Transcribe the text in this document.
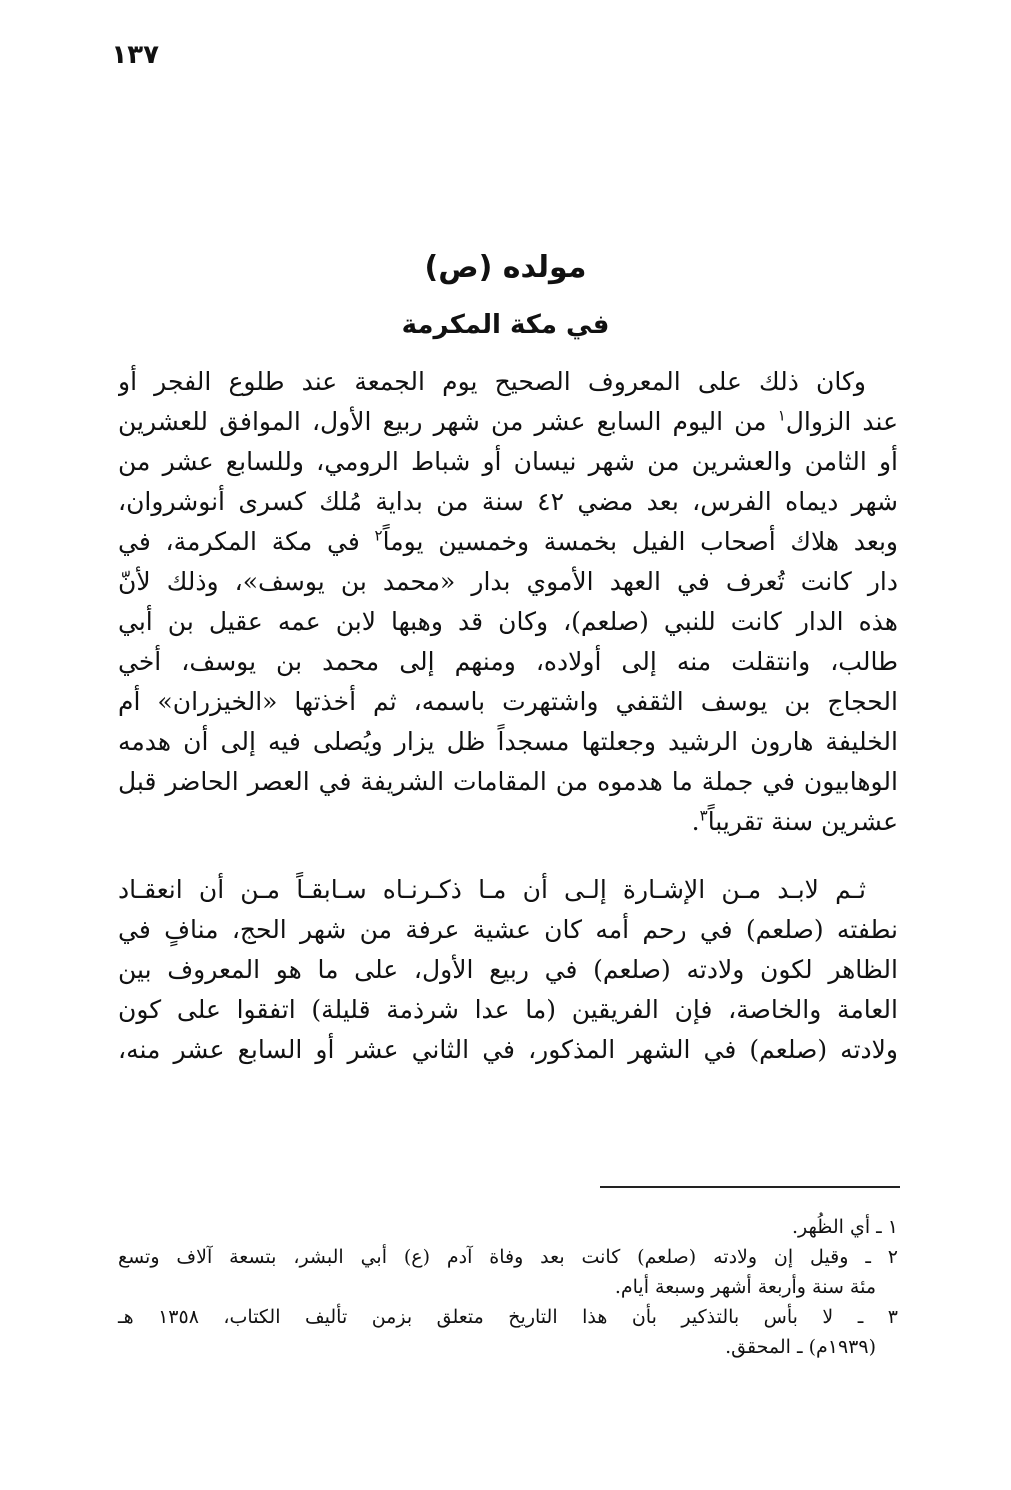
١٣٧
مولده (ص)
في مكة المكرمة
وكان ذلك على المعروف الصحيح يوم الجمعة عند طلوع الفجر أو
عند الزوال$^١$ من اليوم السابع عشر من شهر ربيع الأول، الموافق للعشرين
أو الثامن والعشرين من شهر نيسان أو شباط الرومي، وللسابع عشر من
شهر ديماه الفرس، بعد مضي ٤٢ سنة من بداية مُلك كسرى أنوشروان،
وبعد هلاك أصحاب الفيل بخمسة وخمسين يوماً$^٢$ في مكة المكرمة، في
دار كانت تُعرف في العهد الأموي بدار «محمد بن يوسف»، وذلك لأنّ
هذه الدار كانت للنبي (صلعم)، وكان قد وهبها لابن عمه عقيل بن أبي
طالب، وانتقلت منه إلى أولاده، ومنهم إلى محمد بن يوسف، أخي
الحجاج بن يوسف الثقفي واشتهرت باسمه، ثم أخذتها «الخيزران» أم
الخليفة هارون الرشيد وجعلتها مسجداً ظل يزار ويُصلى فيه إلى أن هدمه
الوهابيون في جملة ما هدموه من المقامات الشريفة في العصر الحاضر قبل
عشرين سنة تقريباً$^٣$.
ثـم لابـد مـن الإشـارة إلـى أن مـا ذكـرنـاه سـابقـاً مـن أن انعقـاد
نطفته (صلعم) في رحم أمه كان عشية عرفة من شهر الحج، منافٍ في
الظاهر لكون ولادته (صلعم) في ربيع الأول، على ما هو المعروف بين
العامة والخاصة، فإن الفريقين (ما عدا شرذمة قليلة) اتفقوا على كون
ولادته (صلعم) في الشهر المذكور، في الثاني عشر أو السابع عشر منه،
١ ـ أي الظُهر.
٢ ـ وقيل إن ولادته (صلعم) كانت بعد وفاة آدم (ع) أبي البشر، بتسعة آلاف وتسع
مئة سنة وأربعة أشهر وسبعة أيام.
٣ ـ لا بأس بالتذكير بأن هذا التاريخ متعلق بزمن تأليف الكتاب، ١٣٥٨ هـ
(١٩٣٩م) ـ المحقق.
